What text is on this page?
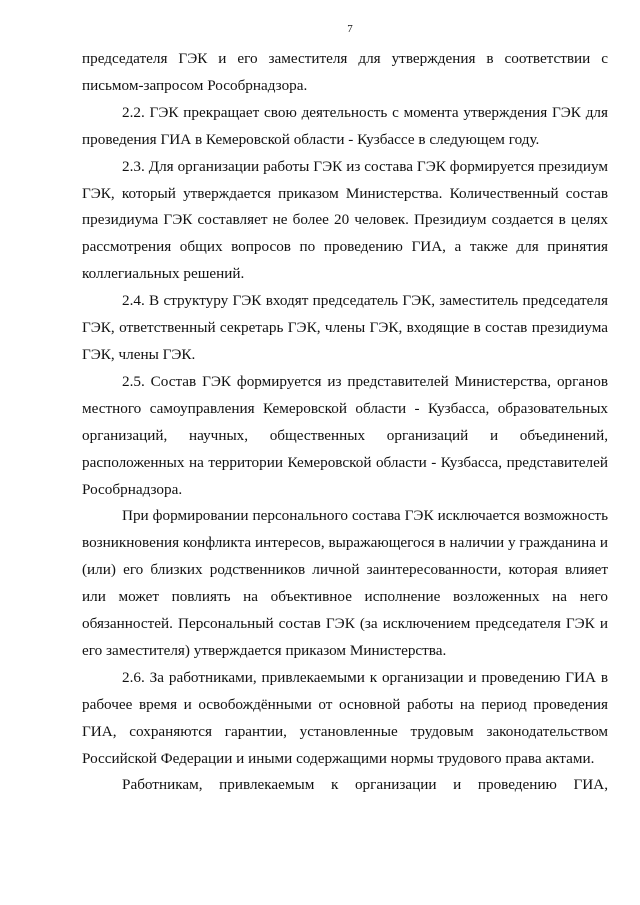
7

председателя ГЭК и его заместителя для утверждения в соответствии с письмом-запросом Рособрнадзора.

2.2. ГЭК прекращает свою деятельность с момента утверждения ГЭК для проведения ГИА в Кемеровской области - Кузбассе в следующем году.

2.3. Для организации работы ГЭК из состава ГЭК формируется президиум ГЭК, который утверждается приказом Министерства. Количественный состав президиума ГЭК составляет не более 20 человек. Президиум создается в целях рассмотрения общих вопросов по проведению ГИА, а также для принятия коллегиальных решений.

2.4. В структуру ГЭК входят председатель ГЭК, заместитель председателя ГЭК, ответственный секретарь ГЭК, члены ГЭК, входящие в состав президиума ГЭК, члены ГЭК.

2.5. Состав ГЭК формируется из представителей Министерства, органов местного самоуправления Кемеровской области - Кузбасса, образовательных организаций, научных, общественных организаций и объединений, расположенных на территории Кемеровской области - Кузбасса, представителей Рособрнадзора.

При формировании персонального состава ГЭК исключается возможность возникновения конфликта интересов, выражающегося в наличии у гражданина и (или) его близких родственников личной заинтересованности, которая влияет или может повлиять на объективное исполнение возложенных на него обязанностей. Персональный состав ГЭК (за исключением председателя ГЭК и его заместителя) утверждается приказом Министерства.

2.6. За работниками, привлекаемыми к организации и проведению ГИА в рабочее время и освобождёнными от основной работы на период проведения ГИА, сохраняются гарантии, установленные трудовым законодательством Российской Федерации и иными содержащими нормы трудового права актами.

Работникам, привлекаемым к организации и проведению ГИА,
